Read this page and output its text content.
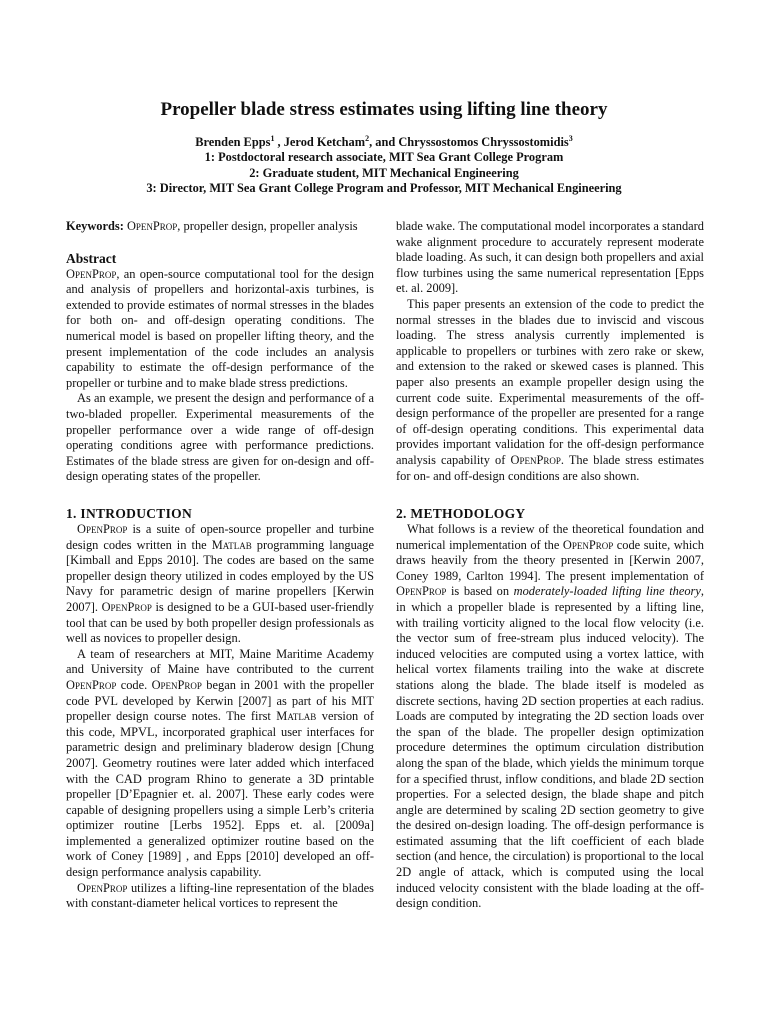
Propeller blade stress estimates using lifting line theory
Brenden Epps$^1$ , Jerod Ketcham$^2$, and Chryssostomos Chryssostomidis$^3$
1: Postdoctoral research associate, MIT Sea Grant College Program
2: Graduate student, MIT Mechanical Engineering
3: Director, MIT Sea Grant College Program and Professor, MIT Mechanical Engineering
Keywords: OpenProp, propeller design, propeller analysis
Abstract

OpenProp, an open-source computational tool for the design and analysis of propellers and horizontal-axis turbines, is extended to provide estimates of normal stresses in the blades for both on- and off-design operating conditions. The numerical model is based on propeller lifting theory, and the present implementation of the code includes an analysis capability to estimate the off-design performance of the propeller or turbine and to make blade stress predictions.

As an example, we present the design and performance of a two-bladed propeller. Experimental measurements of the propeller performance over a wide range of off-design operating conditions agree with performance predictions. Estimates of the blade stress are given for on-design and off-design operating states of the propeller.

1. INTRODUCTION

OpenProp is a suite of open-source propeller and turbine design codes written in the Matlab programming language [Kimball and Epps 2010]. The codes are based on the same propeller design theory utilized in codes employed by the US Navy for parametric design of marine propellers [Kerwin 2007]. OpenProp is designed to be a GUI-based user-friendly tool that can be used by both propeller design professionals as well as novices to propeller design.

A team of researchers at MIT, Maine Maritime Academy and University of Maine have contributed to the current OpenProp code. OpenProp began in 2001 with the propeller code PVL developed by Kerwin [2007] as part of his MIT propeller design course notes. The first Matlab version of this code, MPVL, incorporated graphical user interfaces for parametric design and preliminary bladerow design [Chung 2007]. Geometry routines were later added which interfaced with the CAD program Rhino to generate a 3D printable propeller [D’Epagnier et. al. 2007]. These early codes were capable of designing propellers using a simple Lerb’s criteria optimizer routine [Lerbs 1952]. Epps et. al. [2009a] implemented a generalized optimizer routine based on the work of Coney [1989] , and Epps [2010] developed an off-design performance analysis capability.

OpenProp utilizes a lifting-line representation of the blades with constant-diameter helical vortices to represent the

blade wake. The computational model incorporates a standard wake alignment procedure to accurately represent moderate blade loading. As such, it can design both propellers and axial flow turbines using the same numerical representation [Epps et. al. 2009].

This paper presents an extension of the code to predict the normal stresses in the blades due to inviscid and viscous loading. The stress analysis currently implemented is applicable to propellers or turbines with zero rake or skew, and extension to the raked or skewed cases is planned. This paper also presents an example propeller design using the current code suite. Experimental measurements of the off-design performance of the propeller are presented for a range of off-design operating conditions. This experimental data provides important validation for the off-design performance analysis capability of OpenProp. The blade stress estimates for on- and off-design conditions are also shown.

2. METHODOLOGY

What follows is a review of the theoretical foundation and numerical implementation of the OpenProp code suite, which draws heavily from the theory presented in [Kerwin 2007, Coney 1989, Carlton 1994]. The present implementation of OpenProp is based on moderately-loaded lifting line theory, in which a propeller blade is represented by a lifting line, with trailing vorticity aligned to the local flow velocity (i.e. the vector sum of free-stream plus induced velocity). The induced velocities are computed using a vortex lattice, with helical vortex filaments trailing into the wake at discrete stations along the blade. The blade itself is modeled as discrete sections, having 2D section properties at each radius. Loads are computed by integrating the 2D section loads over the span of the blade. The propeller design optimization procedure determines the optimum circulation distribution along the span of the blade, which yields the minimum torque for a specified thrust, inflow conditions, and blade 2D section properties. For a selected design, the blade shape and pitch angle are determined by scaling 2D section geometry to give the desired on-design loading. The off-design performance is estimated assuming that the lift coefficient of each blade section (and hence, the circulation) is proportional to the local 2D angle of attack, which is computed using the local induced velocity consistent with the blade loading at the off-design condition.
